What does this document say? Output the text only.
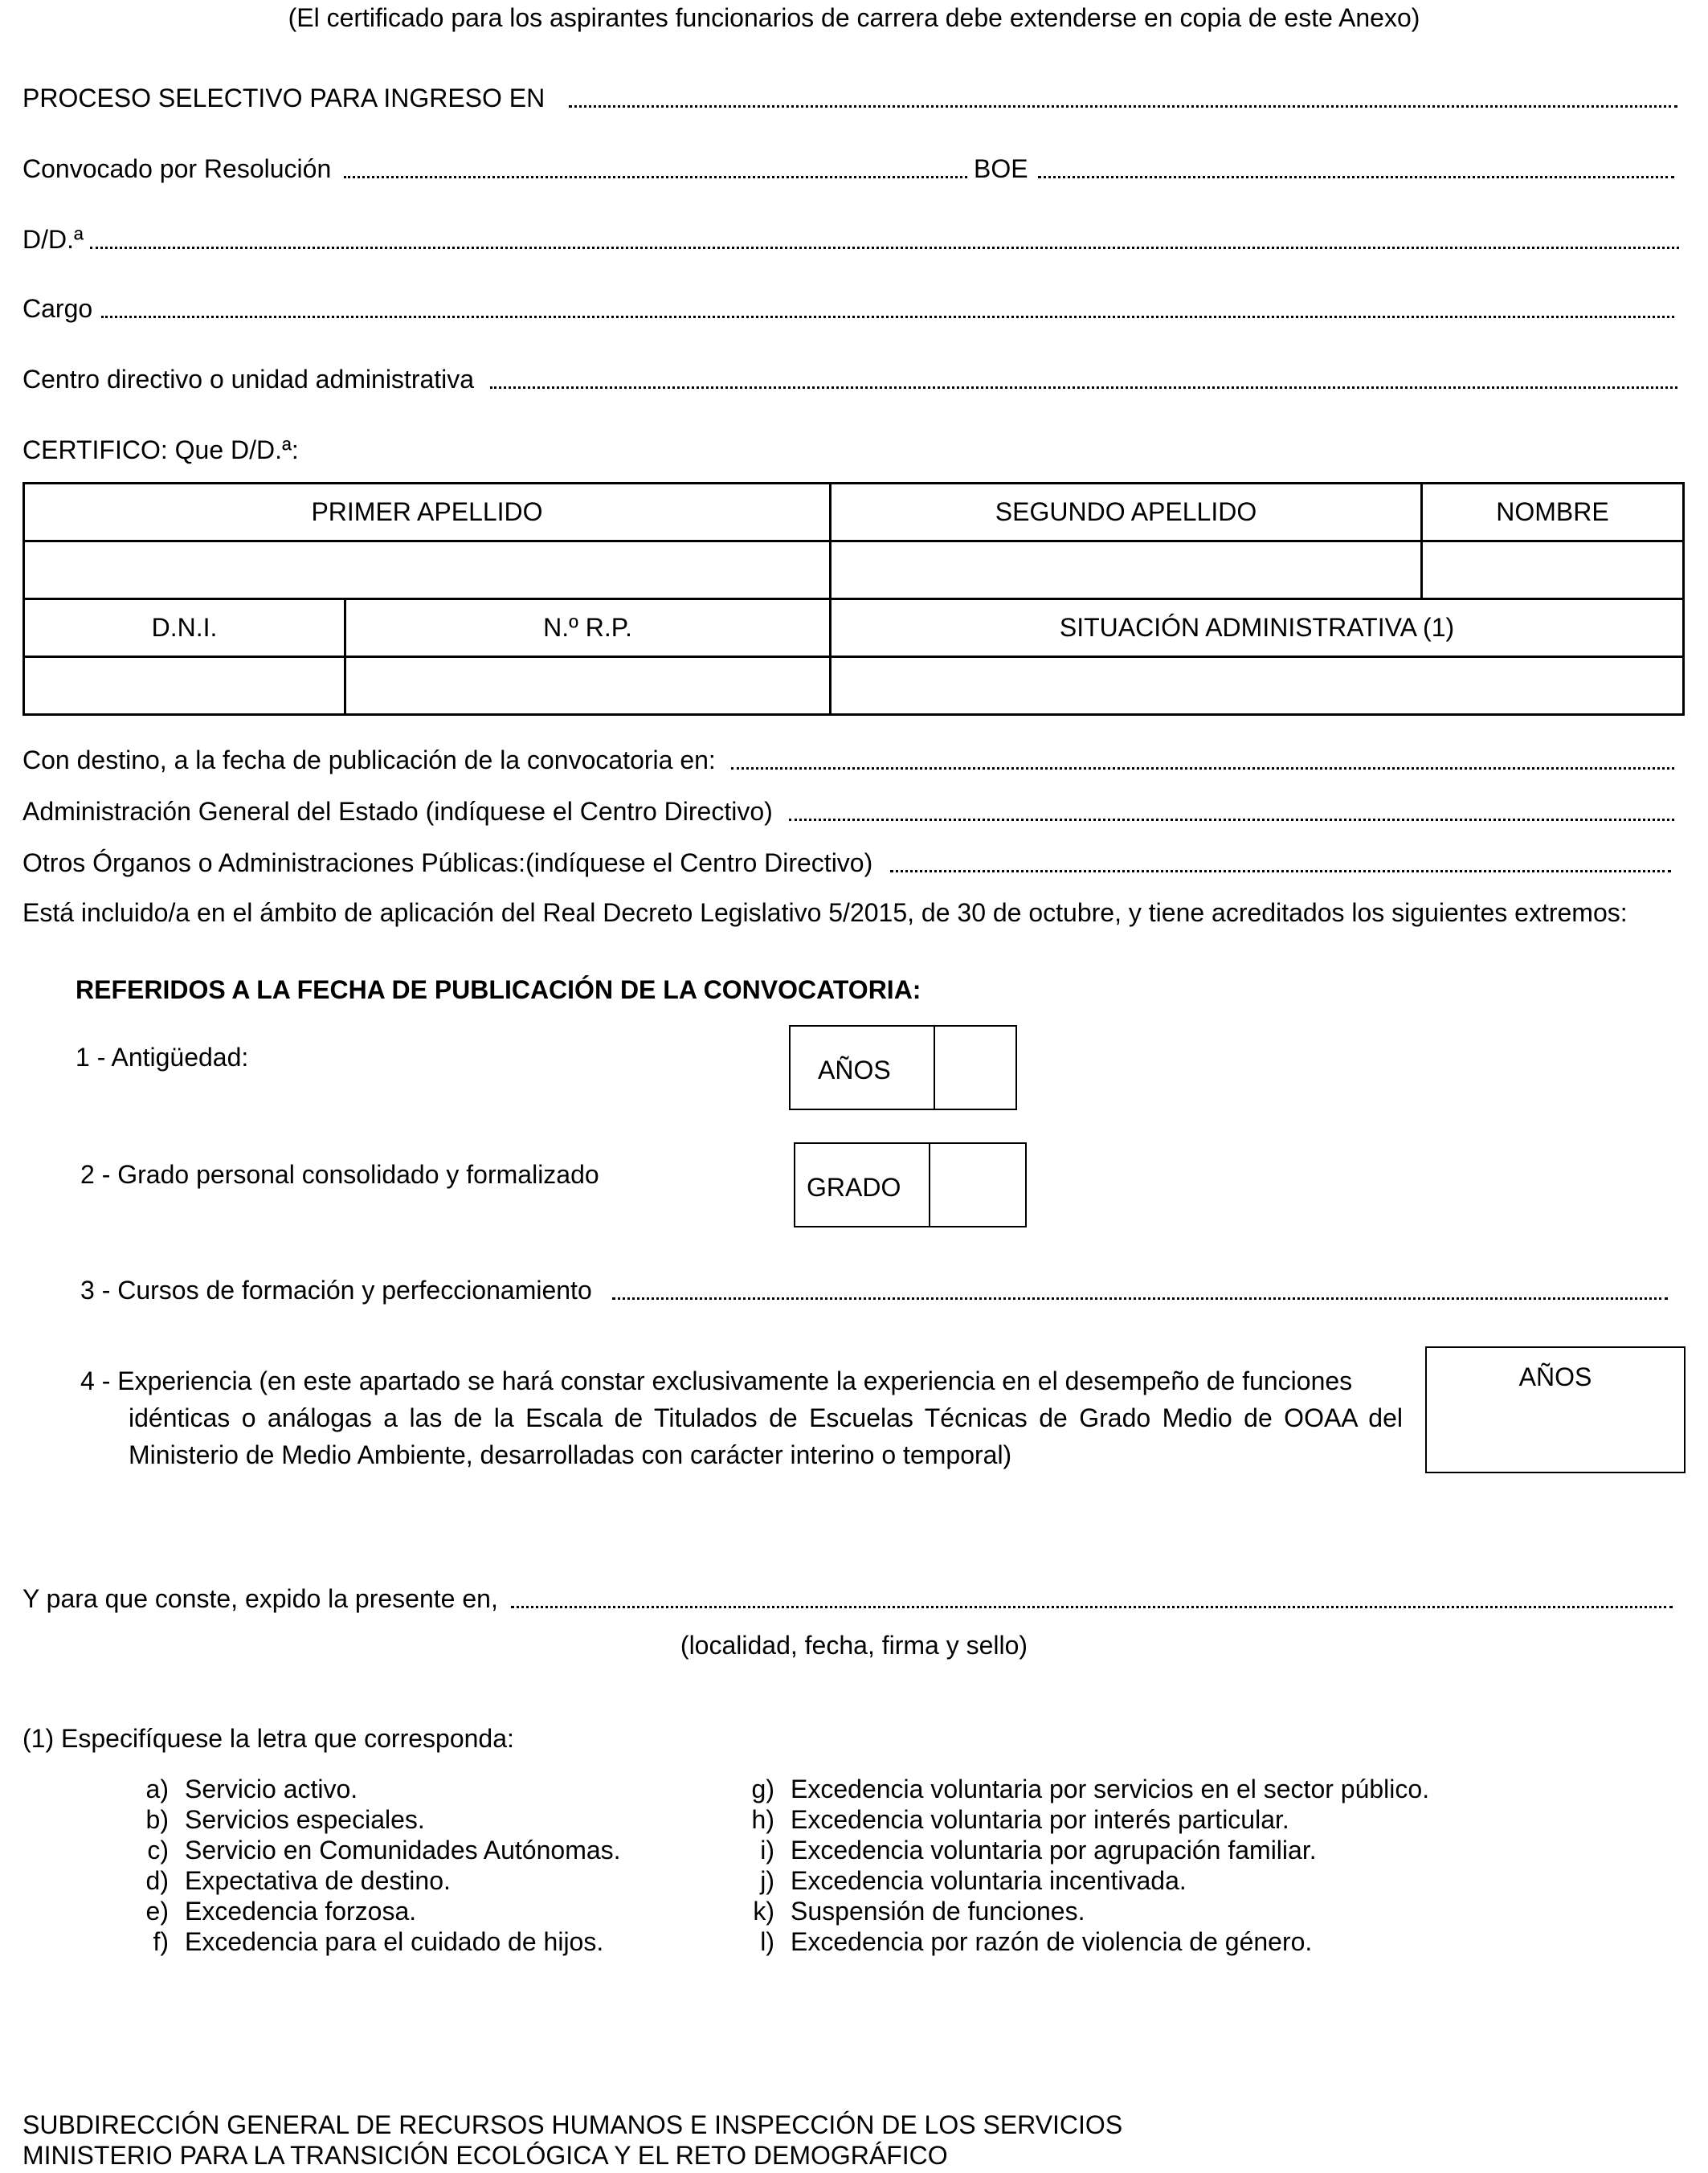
(El certificado para los aspirantes funcionarios de carrera debe extenderse en copia de este Anexo)
PROCESO SELECTIVO PARA INGRESO EN
Convocado por Resolución	BOE
D/D.ª
Cargo
Centro directivo o unidad administrativa
CERTIFICO: Que D/D.ª:
PRIMER APELLIDO		SEGUNDO APELLIDO	NOMBRE

D.N.I.	N.º R.P.	SITUACIÓN ADMINISTRATIVA (1)	

Con destino, a la fecha de publicación de la convocatoria en:
Administración General del Estado (indíquese el Centro Directivo)
Otros Órganos o Administraciones Públicas:(indíquese el Centro Directivo)
Está incluido/a en el ámbito de aplicación del Real Decreto Legislativo 5/2015, de 30 de octubre, y tiene acreditados los siguientes extremos:
REFERIDOS A LA FECHA DE PUBLICACIÓN DE LA CONVOCATORIA:
1 - Antigüedad:	AÑOS
2 - Grado personal consolidado y formalizado	GRADO
3 - Cursos de formación y perfeccionamiento
4 - Experiencia (en este apartado se hará constar exclusivamente la experiencia en el desempeño de funciones
idénticas o análogas a las de la Escala de Titulados de Escuelas Técnicas de Grado Medio de OOAA del Ministerio de Medio Ambiente, desarrolladas con carácter interino o temporal)
AÑOS
Y para que conste, expido la presente en,
(localidad, fecha, firma y sello)
(1) Especifíquese la letra que corresponda:
a) Servicio activo.
b) Servicios especiales.
c) Servicio en Comunidades Autónomas.
d) Expectativa de destino.
e) Excedencia forzosa.
f) Excedencia para el cuidado de hijos.
g) Excedencia voluntaria por servicios en el sector público.
h) Excedencia voluntaria por interés particular.
i) Excedencia voluntaria por agrupación familiar.
j) Excedencia voluntaria incentivada.
k) Suspensión de funciones.
l) Excedencia por razón de violencia de género.
SUBDIRECCIÓN GENERAL DE RECURSOS HUMANOS E INSPECCIÓN DE LOS SERVICIOS
MINISTERIO PARA LA TRANSICIÓN ECOLÓGICA Y EL RETO DEMOGRÁFICO
